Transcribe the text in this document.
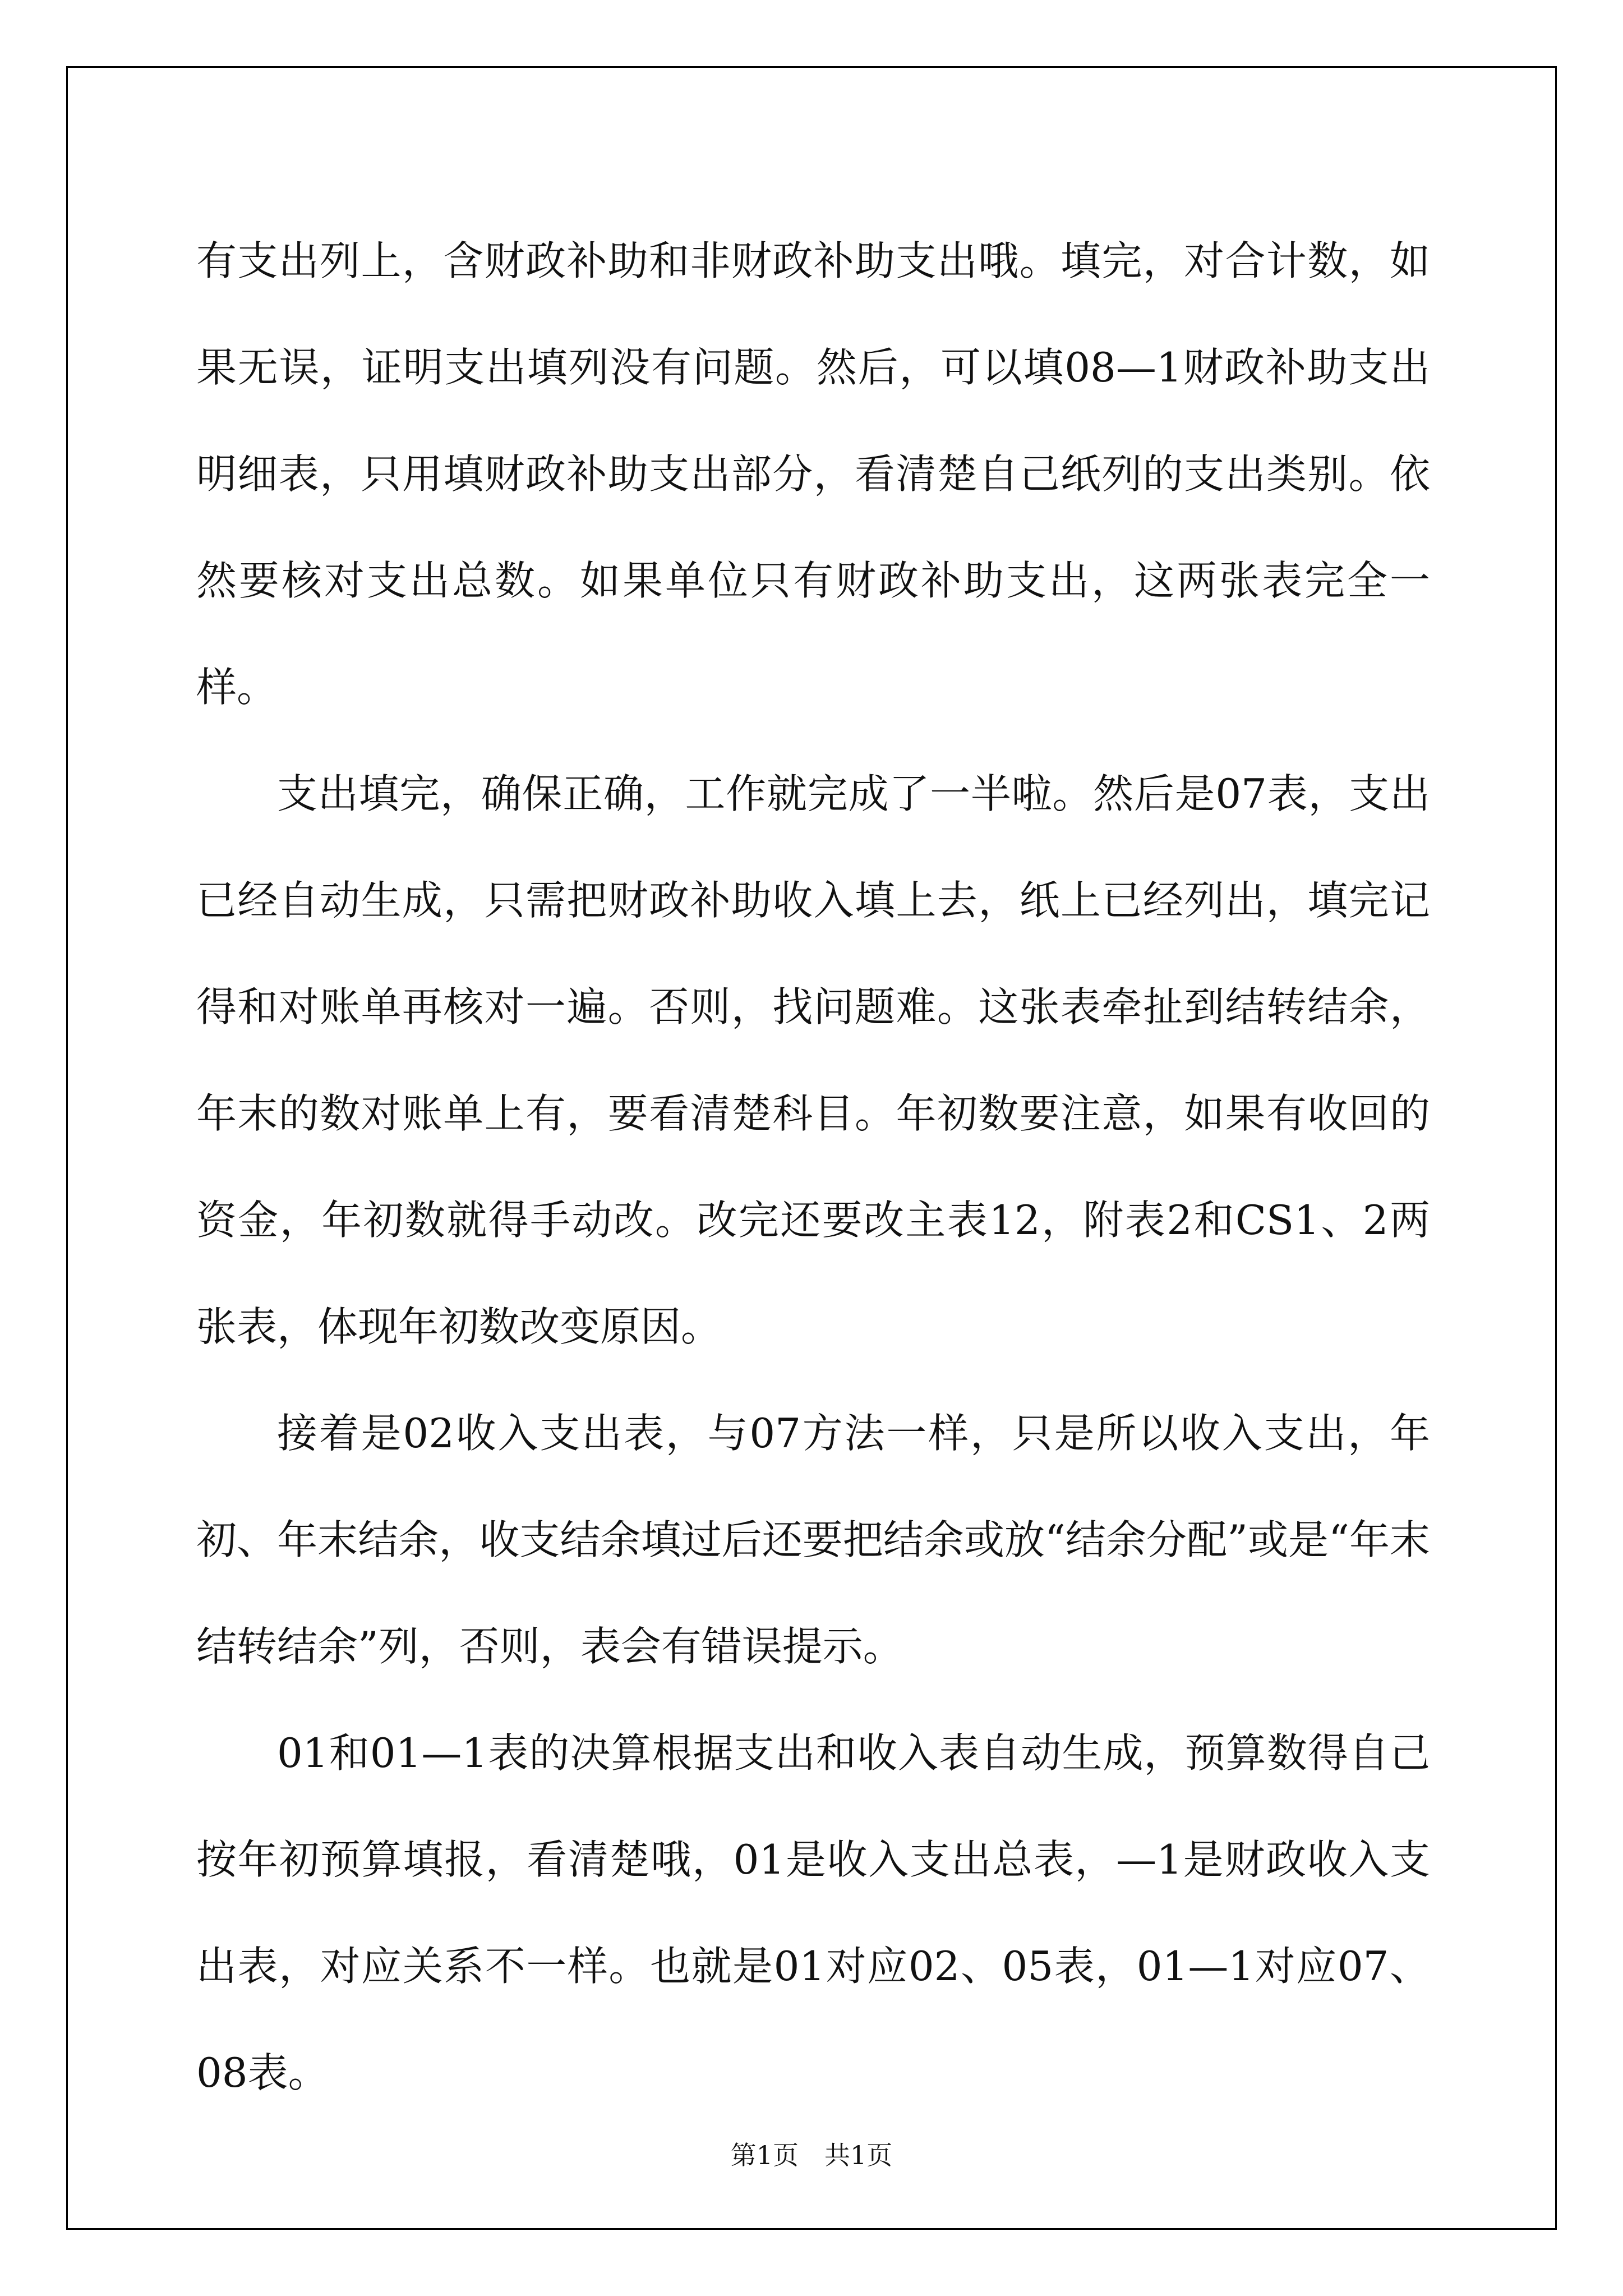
有支出列上，含财政补助和非财政补助支出哦。填完，对合计数，如果无误，证明支出填列没有问题。然后，可以填08—1财政补助支出明细表，只用填财政补助支出部分，看清楚自己纸列的支出类别。依然要核对支出总数。如果单位只有财政补助支出，这两张表完全一样。

支出填完，确保正确，工作就完成了一半啦。然后是07表，支出已经自动生成，只需把财政补助收入填上去，纸上已经列出，填完记得和对账单再核对一遍。否则，找问题难。这张表牵扯到结转结余，年末的数对账单上有，要看清楚科目。年初数要注意，如果有收回的资金，年初数就得手动改。改完还要改主表12，附表2和CS1、2两张表，体现年初数改变原因。

接着是02收入支出表，与07方法一样，只是所以收入支出，年初、年末结余，收支结余填过后还要把结余或放“结余分配”或是“年末结转结余”列，否则，表会有错误提示。

01和01—1表的决算根据支出和收入表自动生成，预算数得自己按年初预算填报，看清楚哦，01是收入支出总表，—1是财政收入支出表，对应关系不一样。也就是01对应02、05表，01—1对应07、08表。

第1页 共1页
